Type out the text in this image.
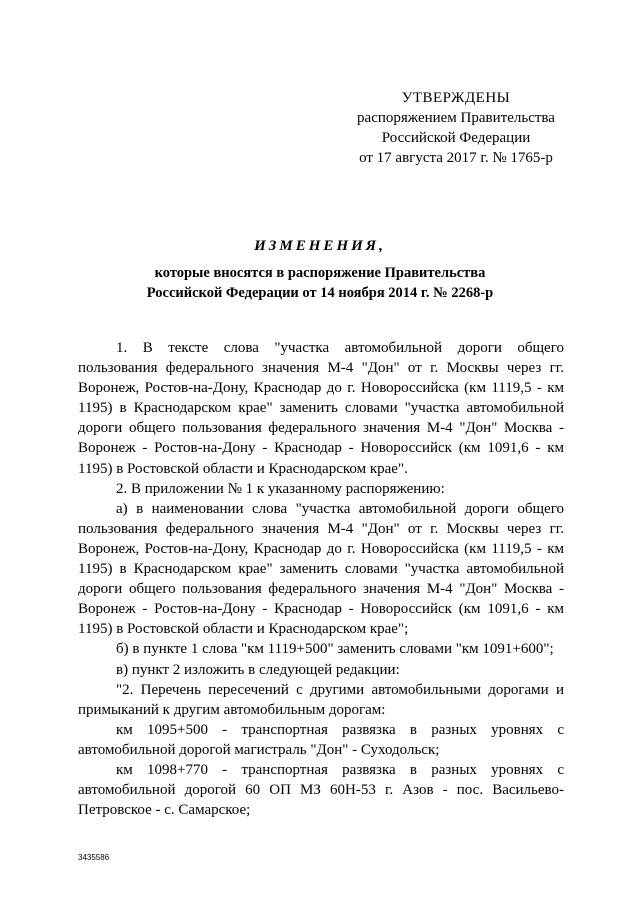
УТВЕРЖДЕНЫ
распоряжением Правительства
Российской Федерации
от 17 августа 2017 г. № 1765-р
ИЗМЕНЕНИЯ,
которые вносятся в распоряжение Правительства
Российской Федерации от 14 ноября 2014 г. № 2268-р

1. В тексте слова "участка автомобильной дороги общего пользования федерального значения М-4 "Дон" от г. Москвы через гг. Воронеж, Ростов-на-Дону, Краснодар до г. Новороссийска (км 1119,5 - км 1195) в Краснодарском крае" заменить словами "участка автомобильной дороги общего пользования федерального значения М-4 "Дон" Москва - Воронеж - Ростов-на-Дону - Краснодар - Новороссийск (км 1091,6 - км 1195) в Ростовской области и Краснодарском крае".

2. В приложении № 1 к указанному распоряжению:

а) в наименовании слова "участка автомобильной дороги общего пользования федерального значения М-4 "Дон" от г. Москвы через гг. Воронеж, Ростов-на-Дону, Краснодар до г. Новороссийска (км 1119,5 - км 1195) в Краснодарском крае" заменить словами "участка автомобильной дороги общего пользования федерального значения М-4 "Дон" Москва - Воронеж - Ростов-на-Дону - Краснодар - Новороссийск (км 1091,6 - км 1195) в Ростовской области и Краснодарском крае";

б) в пункте 1 слова "км 1119+500" заменить словами "км 1091+600";

в) пункт 2 изложить в следующей редакции:

"2. Перечень пересечений с другими автомобильными дорогами и примыканий к другим автомобильным дорогам:

км 1095+500 - транспортная развязка в разных уровнях с автомобильной дорогой магистраль "Дон" - Суходольск;

км 1098+770 - транспортная развязка в разных уровнях с автомобильной дорогой 60 ОП МЗ 60Н-53 г. Азов - пос. Васильево-Петровское - с. Самарское;

3435586
